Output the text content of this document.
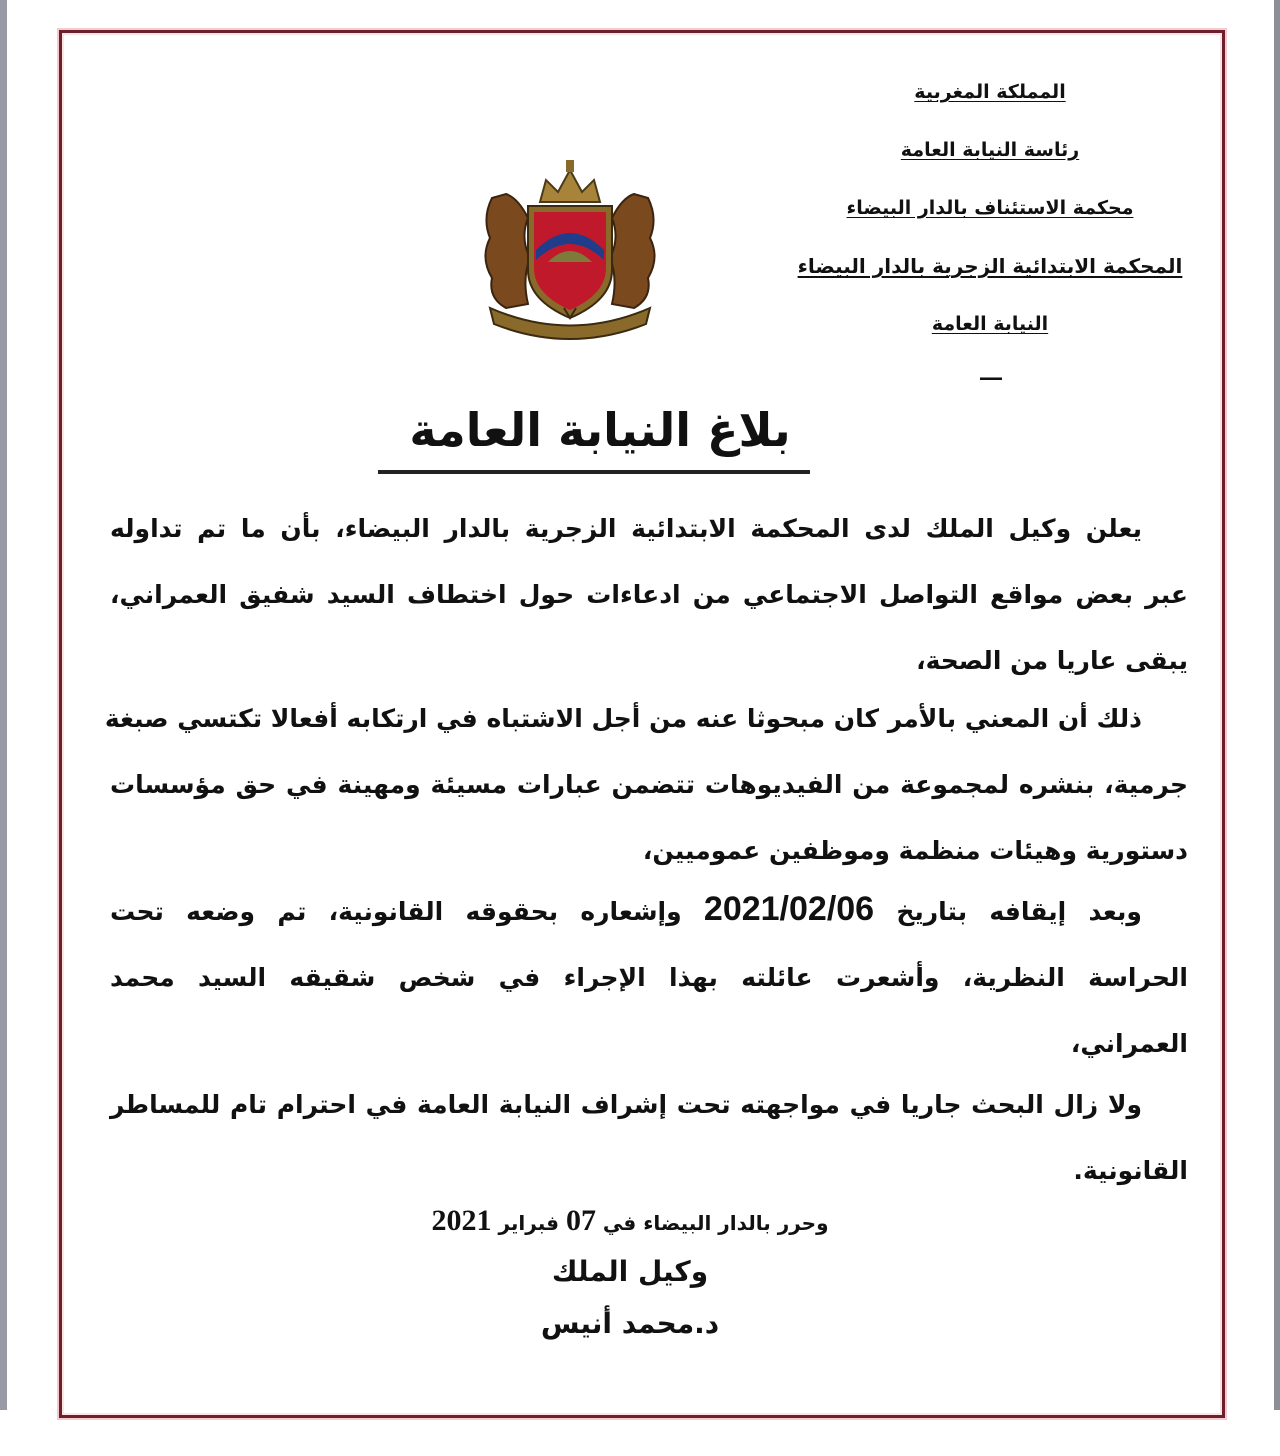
المملكة المغربية
رئاسة النيابة العامة
محكمة الاستئناف بالدار البيضاء
المحكمة الابتدائية الزجرية بالدار البيضاء
النيابة العامة
----
بلاغ النيابة العامة

يعلن وكيل الملك لدى المحكمة الابتدائية الزجرية بالدار البيضاء، بأن ما تم تداوله
عبر بعض مواقع التواصل الاجتماعي من ادعاءات حول اختطاف السيد شفيق العمراني،
يبقى عاريا من الصحة،

ذلك أن المعني بالأمر كان مبحوثا عنه من أجل الاشتباه في ارتكابه أفعالا تكتسي صبغة
جرمية، بنشره لمجموعة من الفيديوهات تتضمن عبارات مسيئة ومهينة في حق مؤسسات
دستورية وهيئات منظمة وموظفين عموميين،

وبعد إيقافه بتاريخ 2021/02/06 وإشعاره بحقوقه القانونية، تم وضعه تحت
الحراسة النظرية، وأشعرت عائلته بهذا الإجراء في شخص شقيقه السيد محمد
العمراني،

ولا زال البحث جاريا في مواجهته تحت إشراف النيابة العامة في احترام تام للمساطر
القانونية.

وحرر بالدار البيضاء في 07 فبراير 2021
وكيل الملك
د.محمد أنيس
